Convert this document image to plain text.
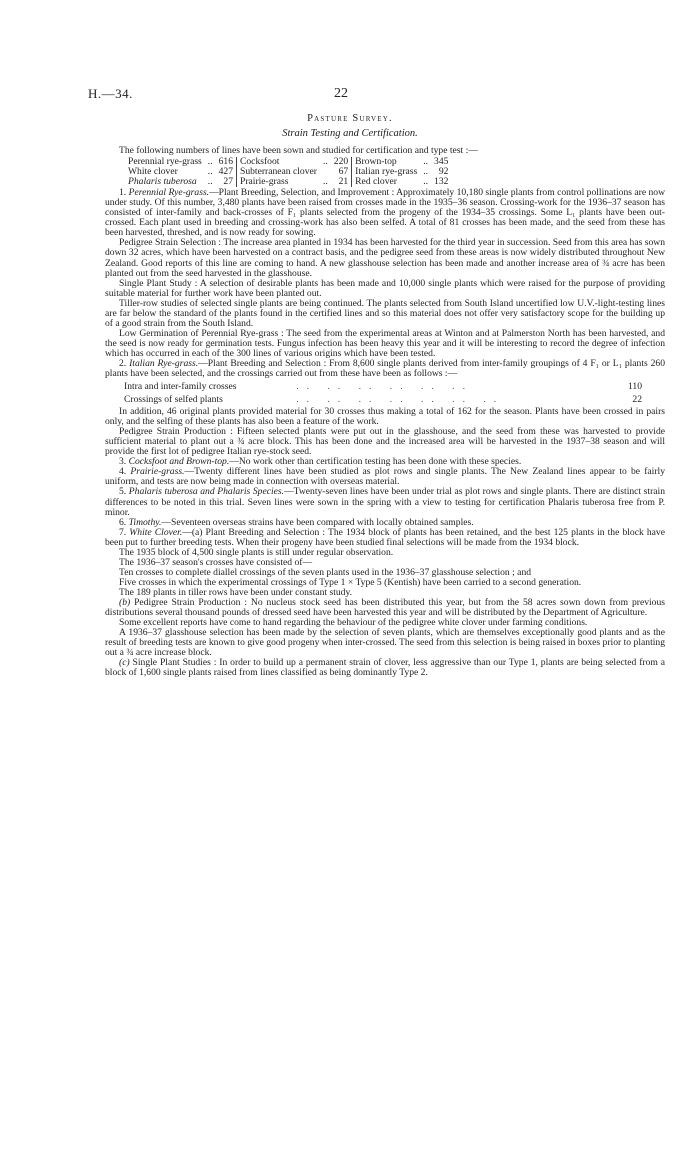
H.—34.	22
Pasture Survey.
Strain Testing and Certification.

The following numbers of lines have been sown and studied for certification and type test :—

Perennial rye-grass	..	616	Cocksfoot	..	220	Brown-top	..	345
White clover	..	427	Subterranean clover		67	Italian rye-grass	..	92
Phalaris tuberosa	..	27	Prairie-grass	..	21	Red clover	..	132

1. Perennial Rye-grass.—Plant Breeding, Selection, and Improvement : Approximately 10,180 single plants from control pollinations are now under study. Of this number, 3,480 plants have been raised from crosses made in the 1935–36 season. Crossing-work for the 1936–37 season has consisted of inter-family and back-crosses of F₁ plants selected from the progeny of the 1934–35 crossings. Some L₁ plants have been out-crossed. Each plant used in breeding and crossing-work has also been selfed. A total of 81 crosses has been made, and the seed from these has been harvested, threshed, and is now ready for sowing.

Pedigree Strain Selection : The increase area planted in 1934 has been harvested for the third year in succession. Seed from this area has sown down 32 acres, which have been harvested on a contract basis, and the pedigree seed from these areas is now widely distributed throughout New Zealand. Good reports of this line are coming to hand. A new glasshouse selection has been made and another increase area of ¾ acre has been planted out from the seed harvested in the glasshouse.

Single Plant Study : A selection of desirable plants has been made and 10,000 single plants which were raised for the purpose of providing suitable material for further work have been planted out.

Tiller-row studies of selected single plants are being continued. The plants selected from South Island uncertified low U.V.-light-testing lines are far below the standard of the plants found in the certified lines and so this material does not offer very satisfactory scope for the building up of a good strain from the South Island.

Low Germination of Perennial Rye-grass : The seed from the experimental areas at Winton and at Palmerston North has been harvested, and the seed is now ready for germination tests. Fungus infection has been heavy this year and it will be interesting to record the degree of infection which has occurred in each of the 300 lines of various origins which have been tested.

2. Italian Rye-grass.—Plant Breeding and Selection : From 8,600 single plants derived from inter-family groupings of 4 F₁ or L₁ plants 260 plants have been selected, and the crossings carried out from these have been as follows :—

Intra and inter-family crosses	.. .. .. .. .. ..	110
Crossings of selfed plants	.. .. .. .. .. .. ..	22

In addition, 46 original plants provided material for 30 crosses thus making a total of 162 for the season. Plants have been crossed in pairs only, and the selfing of these plants has also been a feature of the work.

Pedigree Strain Production : Fifteen selected plants were put out in the glasshouse, and the seed from these was harvested to provide sufficient material to plant out a ¾ acre block. This has been done and the increased area will be harvested in the 1937–38 season and will provide the first lot of pedigree Italian rye-stock seed.

3. Cocksfoot and Brown-top.—No work other than certification testing has been done with these species.

4. Prairie-grass.—Twenty different lines have been studied as plot rows and single plants. The New Zealand lines appear to be fairly uniform, and tests are now being made in connection with overseas material.

5. Phalaris tuberosa and Phalaris Species.—Twenty-seven lines have been under trial as plot rows and single plants. There are distinct strain differences to be noted in this trial. Seven lines were sown in the spring with a view to testing for certification Phalaris tuberosa free from P. minor.

6. Timothy.—Seventeen overseas strains have been compared with locally obtained samples.

7. White Clover.—(a) Plant Breeding and Selection : The 1934 block of plants has been retained, and the best 125 plants in the block have been put to further breeding tests. When their progeny have been studied final selections will be made from the 1934 block.

The 1935 block of 4,500 single plants is still under regular observation.

The 1936–37 season's crosses have consisted of—

Ten crosses to complete diallel crossings of the seven plants used in the 1936–37 glasshouse selection ; and

Five crosses in which the experimental crossings of Type 1 × Type 5 (Kentish) have been carried to a second generation.

The 189 plants in tiller rows have been under constant study.

(b) Pedigree Strain Production : No nucleus stock seed has been distributed this year, but from the 58 acres sown down from previous distributions several thousand pounds of dressed seed have been harvested this year and will be distributed by the Department of Agriculture.

Some excellent reports have come to hand regarding the behaviour of the pedigree white clover under farming conditions.

A 1936–37 glasshouse selection has been made by the selection of seven plants, which are themselves exceptionally good plants and as the result of breeding tests are known to give good progeny when inter-crossed. The seed from this selection is being raised in boxes prior to planting out a ¾ acre increase block.

(c) Single Plant Studies : In order to build up a permanent strain of clover, less aggressive than our Type 1, plants are being selected from a block of 1,600 single plants raised from lines classified as being dominantly Type 2.
